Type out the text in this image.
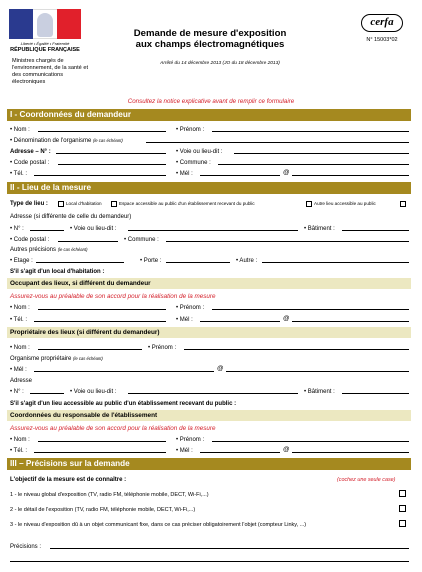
Liberté • Égalité • Fraternité
RÉPUBLIQUE FRANÇAISE
Ministres chargés de l'environnement, de la santé et des communications électroniques
Demande de mesure d'exposition
aux champs électromagnétiques
Arrêté du 14 décembre 2013 (JO du 18 décembre 2013)
cerfa
N° 15003*02
Consultez la notice explicative avant de remplir ce formulaire
I - Coordonnées du demandeur
• Nom :	• Prénom :
• Dénomination de l'organisme (le cas échéant)
Adresse – N° :	• Voie ou lieu-dit :
• Code postal :	• Commune :
• Tél. :	• Mél :	@
II - Lieu de la mesure
Type de lieu :	Local d'habitation	Espace accessible au public d'un établissement recevant du public	Autre lieu accessible au public
Adresse (si différente de celle du demandeur)
• N° :	• Voie ou lieu-dit :	• Bâtiment :
• Code postal :	• Commune :
Autres précisions (le cas échéant)
• Etage :	• Porte :	• Autre :
S'il s'agit d'un local d'habitation :
Occupant des lieux, si différent du demandeur
Assurez-vous au préalable de son accord pour la réalisation de la mesure
• Nom :	• Prénom :
• Tél. :	• Mél :	@
Propriétaire des lieux (si différent du demandeur)
• Nom :	• Prénom :
Organisme propriétaire (le cas échéant)
• Mél :	@
Adresse
• N° :	• Voie ou lieu-dit :	• Bâtiment :
S'il s'agit d'un lieu accessible au public d'un établissement recevant du public :
Coordonnées du responsable de l'établissement
Assurez-vous au préalable de son accord pour la réalisation de la mesure
• Nom :	• Prénom :
• Tél. :	• Mél :	@
III – Précisions sur la demande
L'objectif de la mesure est de connaître :	(cochez une seule case)
1 - le niveau global d'exposition (TV, radio FM, téléphonie mobile, DECT, Wi-Fi,...)
2 - le détail de l'exposition (TV, radio FM, téléphonie mobile, DECT, Wi-Fi,...)
3 - le niveau d'exposition dû à un objet communicant fixe, dans ce cas préciser obligatoirement l'objet (compteur Linky, ...)
Précisions :
